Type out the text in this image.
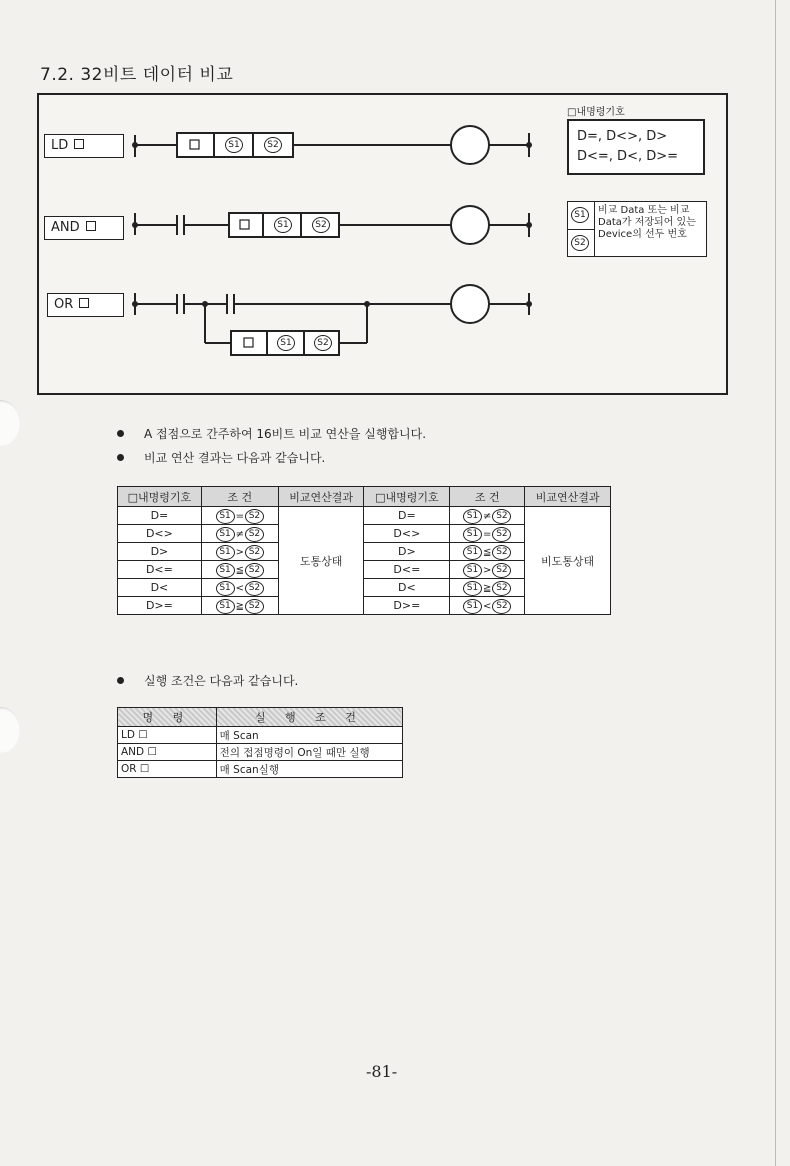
7.2. 32비트 데이터 비교
LD
AND
OR
S1	S2
S1	S2
S1	S2
□내명령기호
D=, D<>, D>
D<=, D<, D>=
S1
S2
비교 Data 또는 비교 Data가 저장되어 있는 Device의 선두 번호
A 접점으로 간주하여 16비트 비교 연산을 실행합니다.
비교 연산 결과는 다음과 같습니다.
□내명령기호	조 건	비교연산결과	□내명령기호	조 건	비교연산결과
D=	S1 = S2	도통상태	D=	S1 ≠ S2	비도통상태
D<>	S1 ≠ S2		D<>	S1 = S2	

D>	S1 > S2		D>	S1 ≦ S2	

D<=	S1 ≦ S2		D<=	S1 > S2	

D<	S1 < S2		D<	S1 ≧ S2	

D>=	S1 ≧ S2		D>=	S1 < S2	
실행 조건은 다음과 같습니다.
명 령	실 행 조 건
LD ☐	매 Scan
AND ☐	전의 접점명령이 On일 때만 실행
OR ☐	매 Scan실행
-81-
